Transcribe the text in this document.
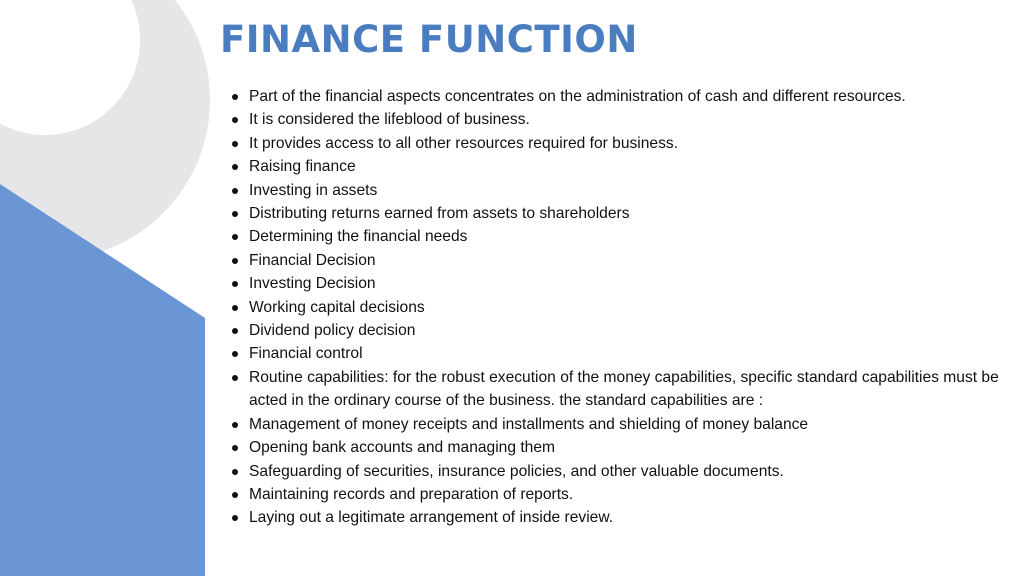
FINANCE FUNCTION
Part of the financial aspects concentrates on the administration of cash and different resources.
It is considered the lifeblood of business.
It provides access to all other resources required for business.
Raising finance
Investing in assets
Distributing returns earned from assets to shareholders
Determining the financial needs
Financial Decision
Investing Decision
Working capital decisions
Dividend policy decision
Financial control
Routine capabilities: for the robust execution of the money capabilities, specific standard capabilities must be acted in the ordinary course of the business. the standard capabilities are :
Management of money receipts and installments and shielding of money balance
Opening bank accounts and managing them
Safeguarding of securities, insurance policies, and other valuable documents.
Maintaining records and preparation of reports.
Laying out a legitimate arrangement of inside review.
